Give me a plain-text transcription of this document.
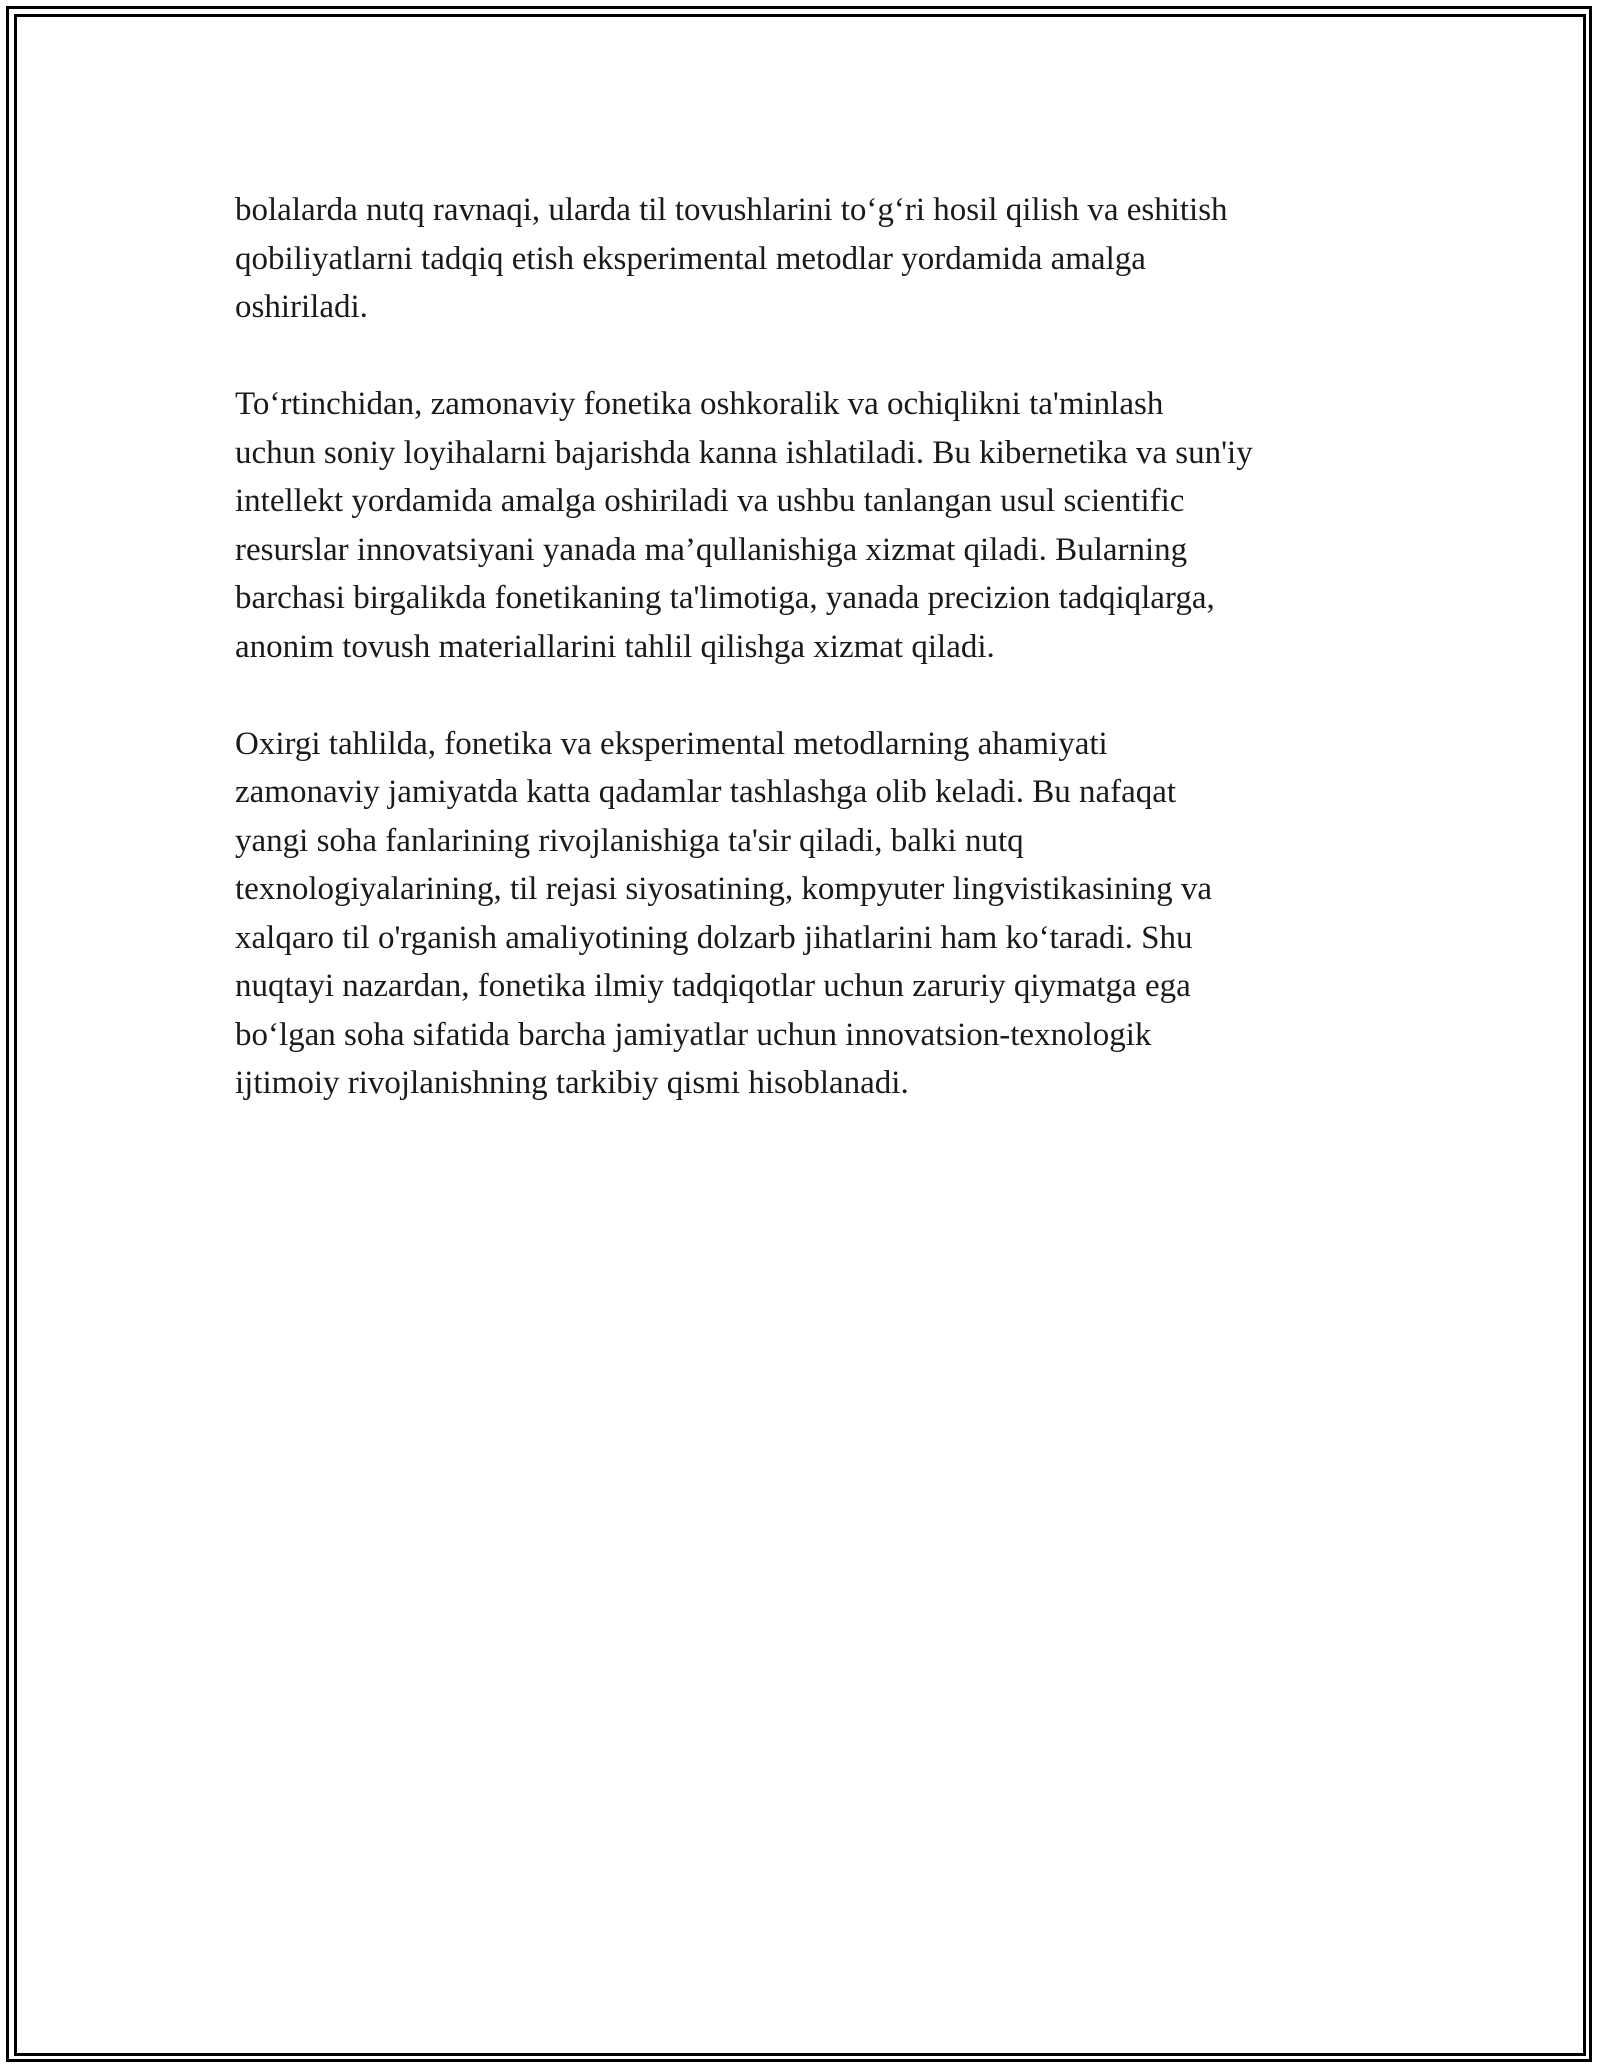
bolalarda nutq ravnaqi, ularda til tovushlarini to‘g‘ri hosil qilish va eshitish
qobiliyatlarni tadqiq etish eksperimental metodlar yordamida amalga
oshiriladi.

To‘rtinchidan, zamonaviy fonetika oshkoralik va ochiqlikni ta'minlash
uchun soniy loyihalarni bajarishda kanna ishlatiladi. Bu kibernetika va sun'iy
intellekt yordamida amalga oshiriladi va ushbu tanlangan usul scientific
resurslar innovatsiyani yanada ma’qullanishiga xizmat qiladi. Bularning
barchasi birgalikda fonetikaning ta'limotiga, yanada precizion tadqiqlarga,
anonim tovush materiallarini tahlil qilishga xizmat qiladi.

Oxirgi tahlilda, fonetika va eksperimental metodlarning ahamiyati
zamonaviy jamiyatda katta qadamlar tashlashga olib keladi. Bu nafaqat
yangi soha fanlarining rivojlanishiga ta'sir qiladi, balki nutq
texnologiyalarining, til rejasi siyosatining, kompyuter lingvistikasining va
xalqaro til o'rganish amaliyotining dolzarb jihatlarini ham ko‘taradi. Shu
nuqtayi nazardan, fonetika ilmiy tadqiqotlar uchun zaruriy qiymatga ega
bo‘lgan soha sifatida barcha jamiyatlar uchun innovatsion-texnologik
ijtimoiy rivojlanishning tarkibiy qismi hisoblanadi.
